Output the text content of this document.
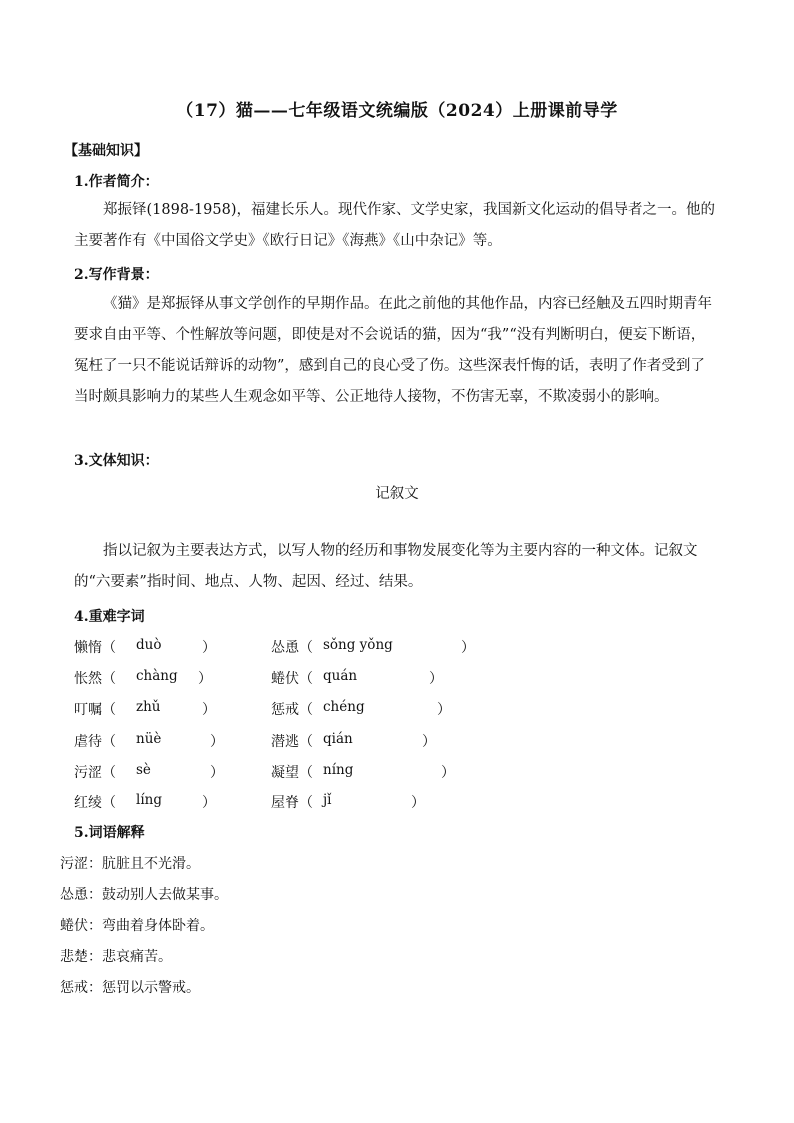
（17）猫——七年级语文统编版（2024）上册课前导学
【基础知识】
1.作者简介：
郑振铎(1898-1958)，福建长乐人。现代作家、文学史家，我国新文化运动的倡导者之一。他的主要著作有《中国俗文学史》《欧行日记》《海燕》《山中杂记》等。
2.写作背景：
《猫》是郑振铎从事文学创作的早期作品。在此之前他的其他作品，内容已经触及五四时期青年要求自由平等、个性解放等问题，即使是对不会说话的猫，因为“我”“没有判断明白，便妄下断语，冤枉了一只不能说话辩诉的动物”，感到自己的良心受了伤。这些深表忏悔的话，表明了作者受到了当时颇具影响力的某些人生观念如平等、公正地待人接物，不伤害无辜，不欺凌弱小的影响。
3.文体知识：
记叙文
指以记叙为主要表达方式，以写人物的经历和事物发展变化等为主要内容的一种文体。记叙文的“六要素”指时间、地点、人物、起因、经过、结果。
4.重难字词
懒惰（ duò	）	怂恿（ sǒng yǒng	）
怅然（ chàng ）	蜷伏（ quán	）
叮嘱（ zhǔ	）	惩戒（ chéng	）
虐待（ nüè	）	潜逃（ qián	）
污涩（ sè	）	凝望（ níng	）
红绫（ líng	）	屋脊（ jǐ	）
5.词语解释
污涩：肮脏且不光滑。
怂恿：鼓动别人去做某事。
蜷伏：弯曲着身体卧着。
悲楚：悲哀痛苦。
惩戒：惩罚以示警戒。
